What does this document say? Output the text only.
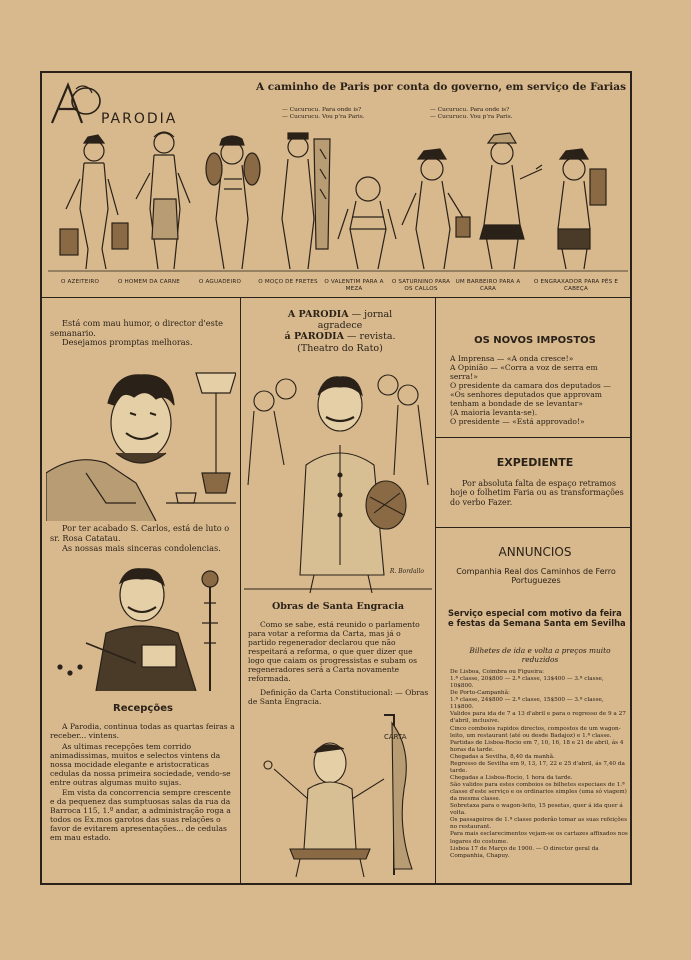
PARODIA
A caminho de Paris por conta do governo, em serviço de Farias
— Cucurucu. Para onde is?
— Cucurucu. Vou p'ra Paris.
— Cucurucu. Para onde is?
— Cucurucu. Vou p'ra Paris.
O AZEITEIRO	O HOMEM DA CARNE	O AGUADEIRO	O MOÇO DE FRETES	O VALENTIM PARA A MEZA
O SATURNINO PARA OS CALLOS
UM BARBEIRO PARA A CARA
O ENGRAXADOR PARA PÉS E CABEÇA
Está com mau humor, o director d'este semanario.
Desejamos promptas melhoras.
Por ter acabado S. Carlos, está de luto o sr. Rosa Catatau.
As nossas mais sinceras condolencias.
Recepções
A Parodia, continua todas as quartas feiras a receber... vintens.
As ultimas recepções tem corrido animadissimas, muitos e selectos vintens da nossa mocidade elegante e aristocraticas cedulas da nossa primeira sociedade, vendo-se entre outras algumas muito sujas.
Em vista da concorrencia sempre crescente e da pequenez das sumptuosas salas da rua da Barroca 115, 1.º andar, a administração roga a todos os Ex.mos garotos das suas relações o favor de evitarem apresentações... de cedulas em mau estado.
A PARODIA — jornal
agradece
á PARODIA — revista.
(Theatro do Rato)
R. Bordallo
Obras de Santa Engracia
Como se sabe, está reunido o parlamento para votar a reforma da Carta, mas já o partido regenerador declarou que não respeitará a reforma, o que quer dizer que logo que caiam os progressistas e subam os regeneradores será a Carta novamente reformada.
Definição da Carta Constitucional: — Obras de Santa Engracia.
CARTA
OS NOVOS IMPOSTOS
A Imprensa — «A onda cresce!»
A Opinião — «Corra a voz de serra em serra!»
O presidente da camara dos deputados — «Os senhores deputados que approvam tenham a bondade de se levantar»
(A maioria levanta-se).
O presidente — «Está approvado!»
EXPEDIENTE
Por absoluta falta de espaço retramos hoje o folhetim Faria ou as transformações do verbo Fazer.
ANNUNCIOS
Companhia Real dos Caminhos de Ferro Portuguezes
Serviço especial com motivo da feira e festas da Semana Santa em Sevilha
Bilhetes de ida e volta a preços muito reduzidos
De Lisboa, Coimbra ou Figueira:
1.ª classe, 20$800 — 2.ª classe, 13$400 — 3.ª classe, 10$800.
De Porto-Campanhã:
1.ª classe, 24$800 — 2.ª classe, 15$500 — 3.ª classe, 11$800.
Validos para ida de 7 a 13 d'abril e para o regresso de 9 a 27 d'abril, inclusive.
Cinco comboios rapidos directos, compostos de um wagon-leito, um restaurant (até ou desde Badajoz) e 1.ª classe.
Partidas de Lisboa-Rocio em 7, 10, 16, 18 e 21 de abril, ás 4 horas da tarde.
Chegadas a Sevilha, 8,40 da manhã.
Regresso de Sevilha em 9, 13, 17, 22 e 25 d'abril, ás 7,40 da tarde.
Chegadas a Lisboa-Rocio, 1 hora da tarde.
São validos para estes comboios os bilhetes especiaes de 1.ª classe d'este serviço e os ordinarios simples (uma só viagem) da mesma classe.
Sobretaxa para o wagon-leito, 15 pesetas, quer á ida quer á volta.
Os passageiros de 1.ª classe poderão tomar as suas refeições no restaurant.
Para mais esclarecimentos vejam-se os cartazes affixados nos logares do costume.
Lisboa 17 de Março de 1900. — O director geral da Companhia, Chapuy.
